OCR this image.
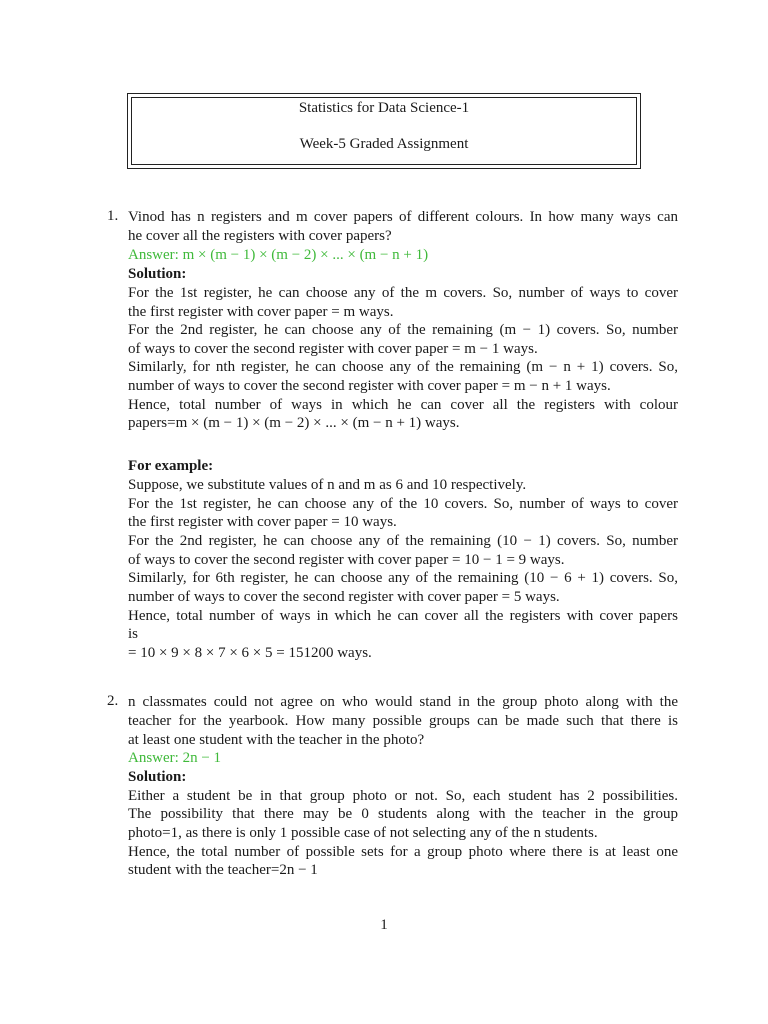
Statistics for Data Science-1
Week-5 Graded Assignment
1. Vinod has n registers and m cover papers of different colours. In how many ways can
he cover all the registers with cover papers?
Answer: m × (m − 1) × (m − 2) × ... × (m − n + 1)
Solution:
For the 1st register, he can choose any of the m covers. So, number of ways to cover
the first register with cover paper = m ways.
For the 2nd register, he can choose any of the remaining (m − 1) covers. So, number
of ways to cover the second register with cover paper = m − 1 ways.
Similarly, for nth register, he can choose any of the remaining (m − n + 1) covers. So,
number of ways to cover the second register with cover paper = m − n + 1 ways.
Hence, total number of ways in which he can cover all the registers with colour
papers=m × (m − 1) × (m − 2) × ... × (m − n + 1) ways.
For example:
Suppose, we substitute values of n and m as 6 and 10 respectively.
For the 1st register, he can choose any of the 10 covers. So, number of ways to cover
the first register with cover paper = 10 ways.
For the 2nd register, he can choose any of the remaining (10 − 1) covers. So, number
of ways to cover the second register with cover paper = 10 − 1 = 9 ways.
Similarly, for 6th register, he can choose any of the remaining (10 − 6 + 1) covers. So,
number of ways to cover the second register with cover paper = 5 ways.
Hence, total number of ways in which he can cover all the registers with cover papers
is
= 10 × 9 × 8 × 7 × 6 × 5 = 151200 ways.
2. n classmates could not agree on who would stand in the group photo along with the
teacher for the yearbook. How many possible groups can be made such that there is
at least one student with the teacher in the photo?
Answer: 2n − 1
Solution:
Either a student be in that group photo or not. So, each student has 2 possibilities.
The possibility that there may be 0 students along with the teacher in the group
photo=1, as there is only 1 possible case of not selecting any of the n students.
Hence, the total number of possible sets for a group photo where there is at least one
student with the teacher=2n − 1
1
